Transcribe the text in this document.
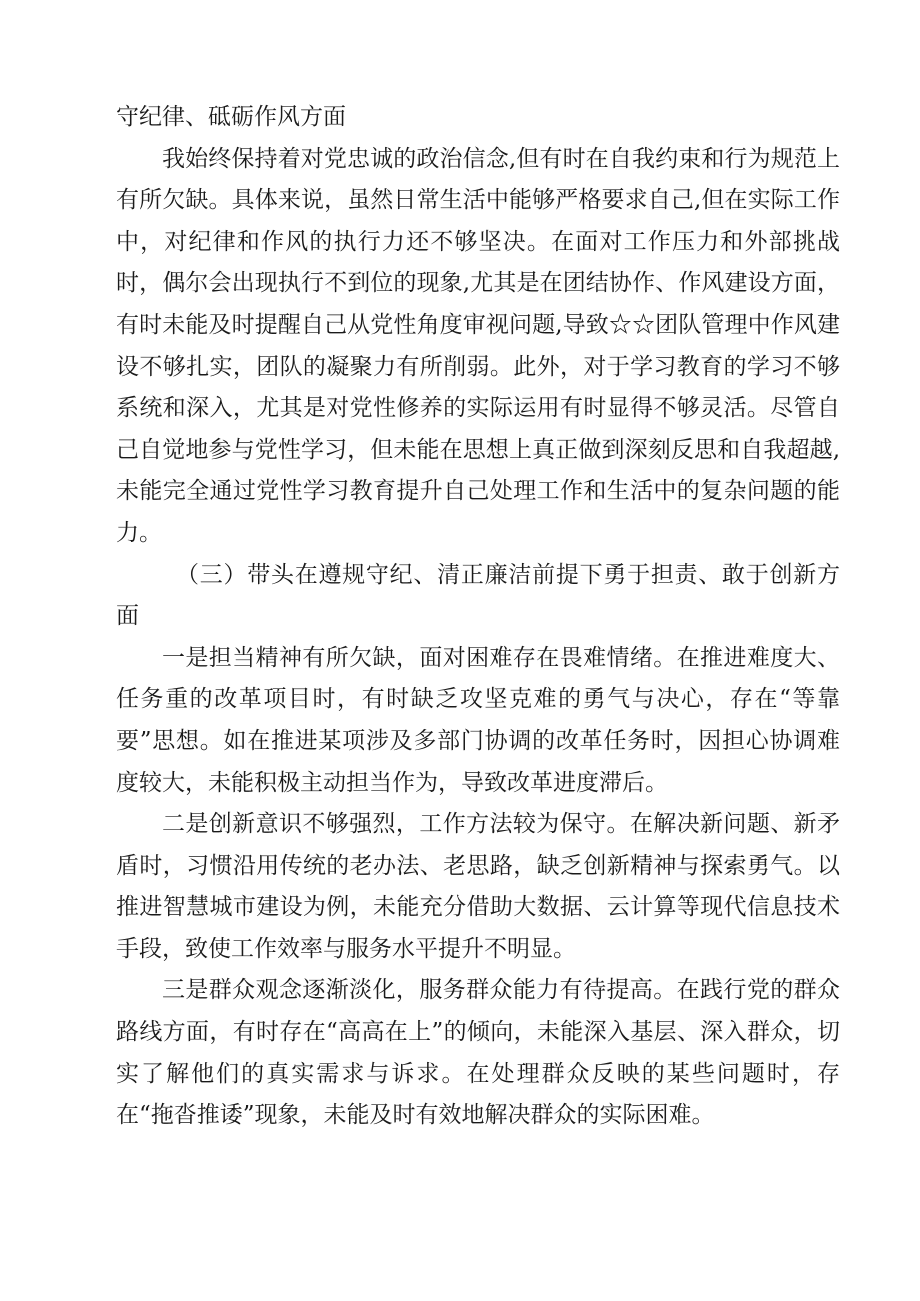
守纪律、砥砺作风方面

我始终保持着对党忠诚的政治信念,但有时在自我约束和行为规范上有所欠缺。具体来说，虽然日常生活中能够严格要求自己,但在实际工作中，对纪律和作风的执行力还不够坚决。在面对工作压力和外部挑战时，偶尔会出现执行不到位的现象,尤其是在团结协作、作风建设方面，有时未能及时提醒自己从党性角度审视问题,导致☆☆团队管理中作风建设不够扎实，团队的凝聚力有所削弱。此外，对于学习教育的学习不够系统和深入，尤其是对党性修养的实际运用有时显得不够灵活。尽管自己自觉地参与党性学习，但未能在思想上真正做到深刻反思和自我超越,未能完全通过党性学习教育提升自己处理工作和生活中的复杂问题的能力。

（三）带头在遵规守纪、清正廉洁前提下勇于担责、敢于创新方面

一是担当精神有所欠缺，面对困难存在畏难情绪。在推进难度大、任务重的改革项目时，有时缺乏攻坚克难的勇气与决心，存在“等靠要”思想。如在推进某项涉及多部门协调的改革任务时，因担心协调难度较大，未能积极主动担当作为，导致改革进度滞后。

二是创新意识不够强烈，工作方法较为保守。在解决新问题、新矛盾时，习惯沿用传统的老办法、老思路，缺乏创新精神与探索勇气。以推进智慧城市建设为例，未能充分借助大数据、云计算等现代信息技术手段，致使工作效率与服务水平提升不明显。

三是群众观念逐渐淡化，服务群众能力有待提高。在践行党的群众路线方面，有时存在“高高在上”的倾向，未能深入基层、深入群众，切实了解他们的真实需求与诉求。在处理群众反映的某些问题时，存在“拖沓推诿”现象，未能及时有效地解决群众的实际困难。
